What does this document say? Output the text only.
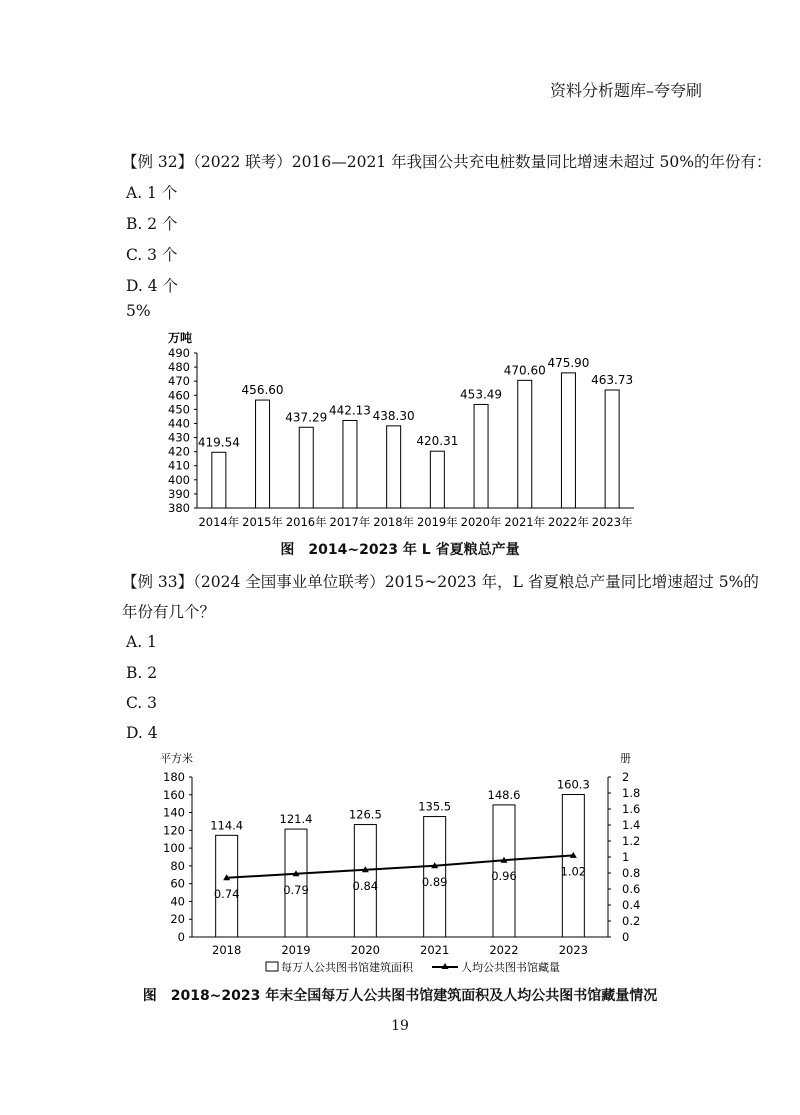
资料分析题库–夸夸刷
【例 32】（2022 联考）2016—2021 年我国公共充电桩数量同比增速未超过 50%的年份有：
A. 1 个
B. 2 个
C. 3 个
D. 4 个
5%
万吨
380
390
400
410
420
430
440
450
460
470
480
490
419.54
2014年
456.60
2015年
437.29
2016年
442.13
2017年
438.30
2018年
420.31
2019年
453.49
2020年
470.60
2021年
475.90
2022年
463.73
2023年
图　2014~2023 年 L 省夏粮总产量
【例 33】（2024 全国事业单位联考）2015~2023 年，L 省夏粮总产量同比增速超过 5%的
年份有几个？
A. 1
B. 2
C. 3
D. 4
平方米	册
0
20
40
60
80
100
120
140
160
180
0
0.2
0.4
0.6
0.8
1
1.2
1.4
1.6
1.8
2
114.4
2018
121.4
2019
126.5
2020
135.5
2021
148.6
2022
160.3
2023
0.74	0.79	0.84	0.89	0.96	1.02
每万人公共图书馆建筑面积	人均公共图书馆藏量
图　2018~2023 年末全国每万人公共图书馆建筑面积及人均公共图书馆藏量情况
19
